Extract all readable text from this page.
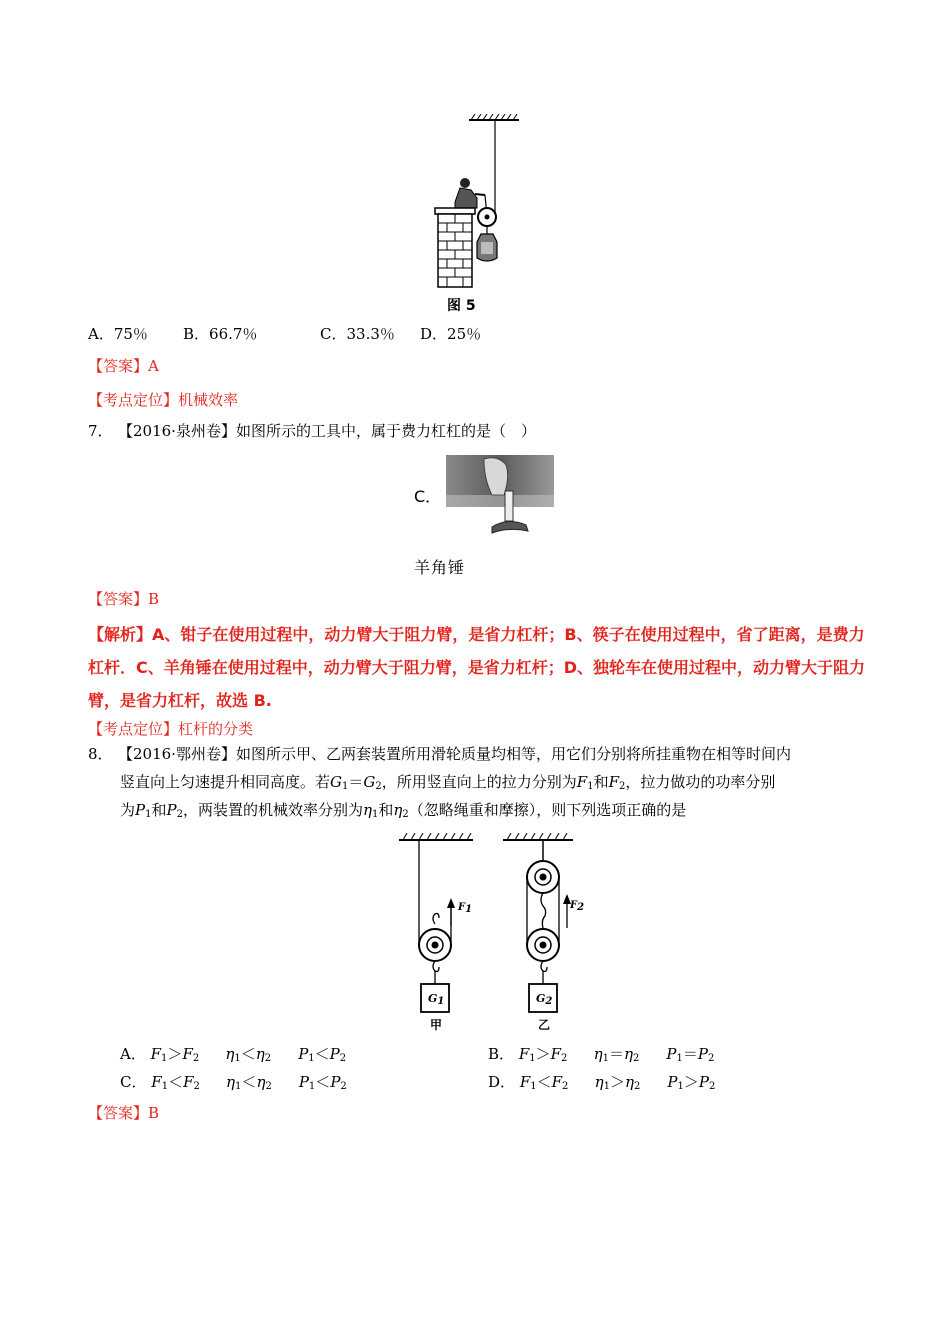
图 5
A．75％ B．66.7％	C．33.3％ D．25％
【答案】A
【考点定位】机械效率
7． 【2016·泉州卷】如图所示的工具中，属于费力杠杠的是（　）
C．
羊角锤
【答案】B
【解析】A、钳子在使用过程中，动力臂大于阻力臂，是省力杠杆；B、筷子在使用过程中，省了距离，是费力杠杆．C、羊角锤在使用过程中，动力臂大于阻力臂，是省力杠杆；D、独轮车在使用过程中，动力臂大于阻力臂，是省力杠杆，故选 B.
【考点定位】杠杆的分类
8． 【2016·鄂州卷】如图所示甲、乙两套装置所用滑轮质量均相等，用它们分别将所挂重物在相等时间内
竖直向上匀速提升相同高度。若$G_1=G_2$，所用竖直向上的拉力分别为$F_1$和$F_2$，拉力做功的功率分别
为$P_1$和$P_2$，两装置的机械效率分别为$\eta_1$和$\eta_2$（忽略绳重和摩擦），则下列选项正确的是
$F_1$	$F_2$
$G_1$	$G_2$
甲	乙
A． $F_1>F_2$ $\eta_1<\eta_2$ $P_1<P_2$	B． $F_1>F_2$ $\eta_1=\eta_2$ $P_1=P_2$
C． $F_1<F_2$ $\eta_1<\eta_2$ $P_1<P_2$	D． $F_1<F_2$ $\eta_1>\eta_2$ $P_1>P_2$
【答案】B
